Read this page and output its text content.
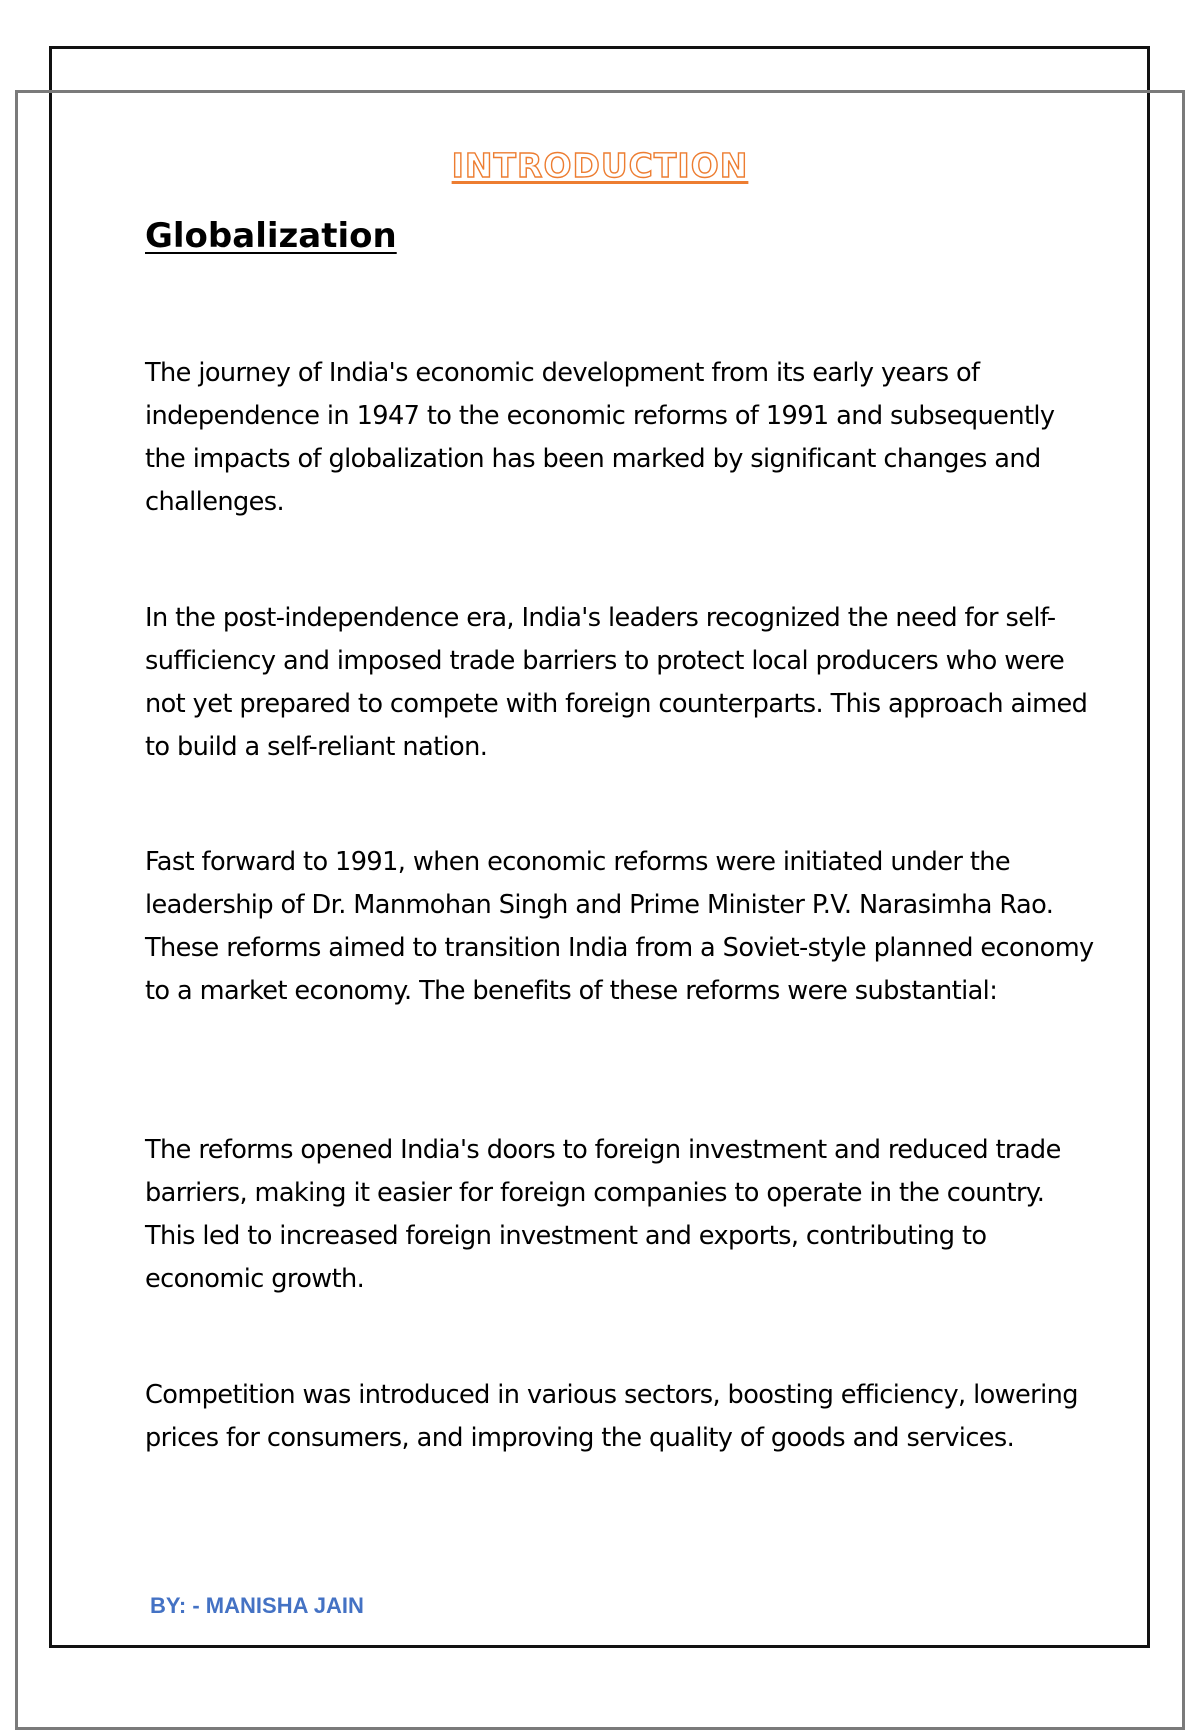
INTRODUCTION
Globalization

The journey of India's economic development from its early years of independence in 1947 to the economic reforms of 1991 and subsequently the impacts of globalization has been marked by significant changes and challenges.

In the post-independence era, India's leaders recognized the need for self-sufficiency and imposed trade barriers to protect local producers who were not yet prepared to compete with foreign counterparts. This approach aimed to build a self-reliant nation.

Fast forward to 1991, when economic reforms were initiated under the leadership of Dr. Manmohan Singh and Prime Minister P.V. Narasimha Rao. These reforms aimed to transition India from a Soviet-style planned economy to a market economy. The benefits of these reforms were substantial:

The reforms opened India's doors to foreign investment and reduced trade barriers, making it easier for foreign companies to operate in the country. This led to increased foreign investment and exports, contributing to economic growth.

Competition was introduced in various sectors, boosting efficiency, lowering prices for consumers, and improving the quality of goods and services.

BY: - MANISHA JAIN
